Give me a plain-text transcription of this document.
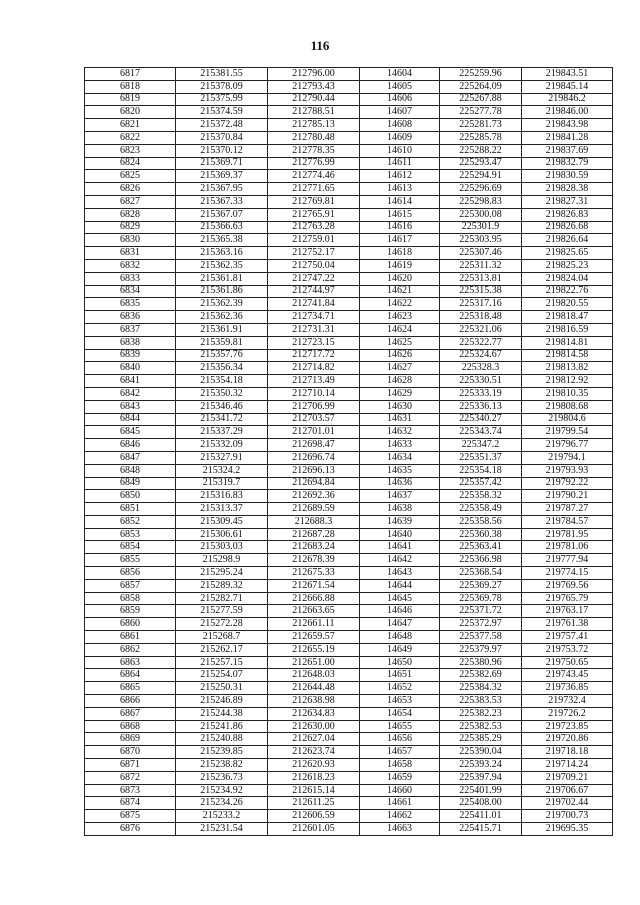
116
6817	215381.55	212796.00	14604	225259.96	219843.51
6818	215378.09	212793.43	14605	225264.09	219845.14
6819	215375.99	212790.44	14606	225267.88	219846.2
6820	215374.59	212788.51	14607	225277.78	219846.00
6821	215372.48	212785.13	14608	225281.73	219843.98
6822	215370.84	212780.48	14609	225285.78	219841.28
6823	215370.12	212778.35	14610	225288.22	219837.69
6824	215369.71	212776.99	14611	225293.47	219832.79
6825	215369.37	212774.46	14612	225294.91	219830.59
6826	215367.95	212771.65	14613	225296.69	219828.38
6827	215367.33	212769.81	14614	225298.83	219827.31
6828	215367.07	212765.91	14615	225300.08	219826.83
6829	215366.63	212763.28	14616	225301.9	219826.68
6830	215365.38	212759.01	14617	225303.95	219826.64
6831	215363.16	212752.17	14618	225307.46	219825.65
6832	215362.35	212750.04	14619	225311.32	219825.23
6833	215361.81	212747.22	14620	225313.81	219824.04
6834	215361.86	212744.97	14621	225315.38	219822.76
6835	215362.39	212741.84	14622	225317.16	219820.55
6836	215362.36	212734.71	14623	225318.48	219818.47
6837	215361.91	212731.31	14624	225321.06	219816.59
6838	215359.81	212723.15	14625	225322.77	219814.81
6839	215357.76	212717.72	14626	225324.67	219814.58
6840	215356.34	212714.82	14627	225328.3	219813.82
6841	215354.18	212713.49	14628	225330.51	219812.92
6842	215350.32	212710.14	14629	225333.19	219810.35
6843	215346.46	212706.99	14630	225336.13	219808.68
6844	215341.72	212703.57	14631	225340.27	219804.6
6845	215337.29	212701.01	14632	225343.74	219799.54
6846	215332.09	212698.47	14633	225347.2	219796.77
6847	215327.91	212696.74	14634	225351.37	219794.1
6848	215324.2	212696.13	14635	225354.18	219793.93
6849	215319.7	212694.84	14636	225357.42	219792.22
6850	215316.83	212692.36	14637	225358.32	219790.21
6851	215313.37	212689.59	14638	225358.49	219787.27
6852	215309.45	212688.3	14639	225358.56	219784.57
6853	215306.61	212687.28	14640	225360.38	219781.95
6854	215303.03	212683.24	14641	225363.41	219781.06
6855	215298.9	212678.39	14642	225366.98	219777.94
6856	215295.24	212675.33	14643	225368.54	219774.15
6857	215289.32	212671.54	14644	225369.27	219769.56
6858	215282.71	212666.88	14645	225369.78	219765.79
6859	215277.59	212663.65	14646	225371.72	219763.17
6860	215272.28	212661.11	14647	225372.97	219761.38
6861	215268.7	212659.57	14648	225377.58	219757.41
6862	215262.17	212655.19	14649	225379.97	219753.72
6863	215257.15	212651.00	14650	225380.96	219750.65
6864	215254.07	212648.03	14651	225382.69	219743.45
6865	215250.31	212644.48	14652	225384.32	219736.85
6866	215246.89	212638.98	14653	225383.53	219732.4
6867	215244.38	212634.83	14654	225382.23	219726.2
6868	215241.86	212630.00	14655	225382.53	219723.85
6869	215240.88	212627.04	14656	225385.29	219720.86
6870	215239.85	212623.74	14657	225390.04	219718.18
6871	215238.82	212620.93	14658	225393.24	219714.24
6872	215236.73	212618.23	14659	225397.94	219709.21
6873	215234.92	212615.14	14660	225401.99	219706.67
6874	215234.26	212611.25	14661	225408.00	219702.44
6875	215233.2	212606.59	14662	225411.01	219700.73
6876	215231.54	212601.05	14663	225415.71	219695.35
